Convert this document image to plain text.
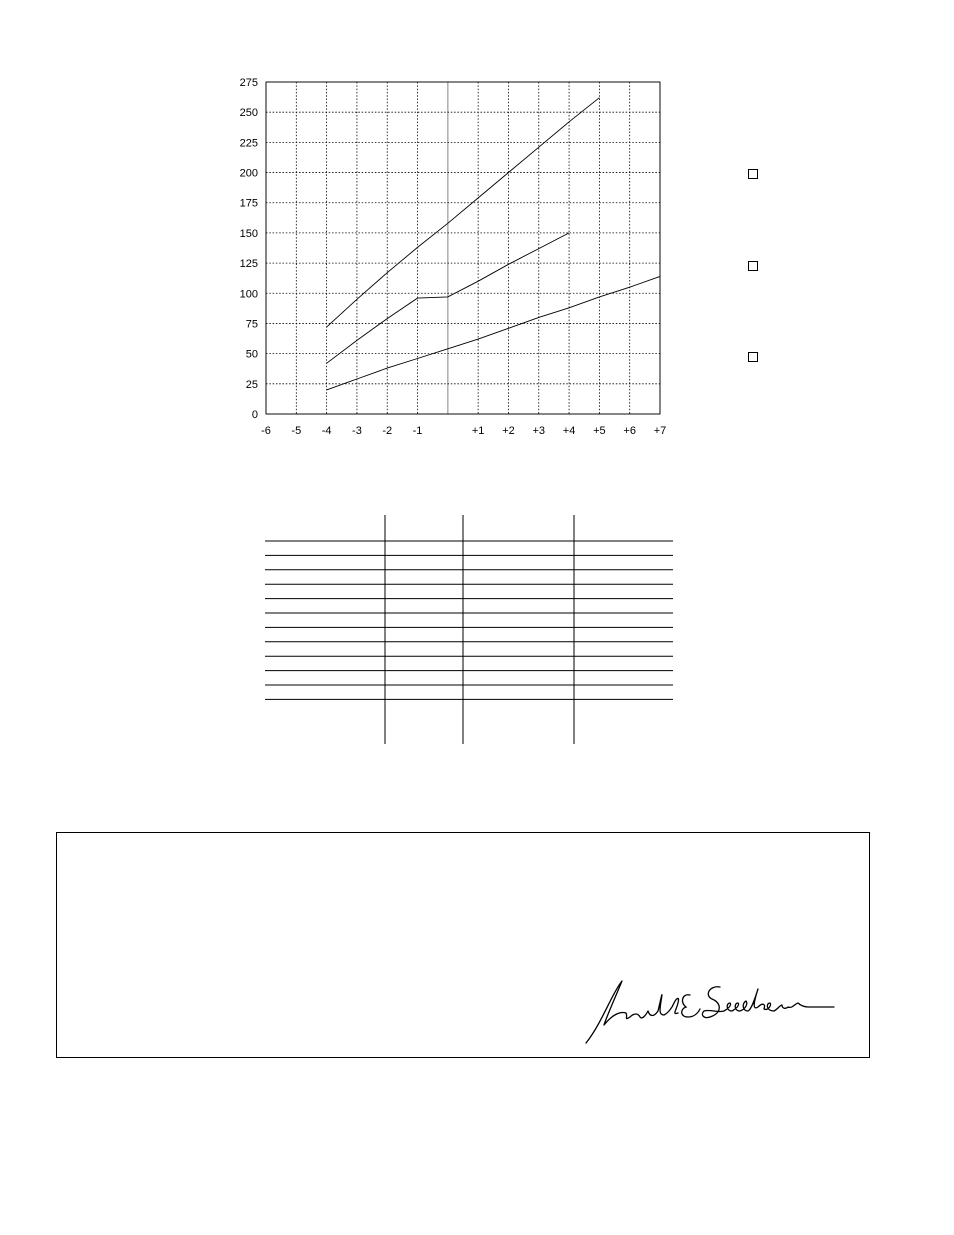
275
250
225
200
175
150
125
100
75
50
25
0
-6 -5 -4 -3 -2 -1	+1 +2 +3 +4 +5 +6 +7
